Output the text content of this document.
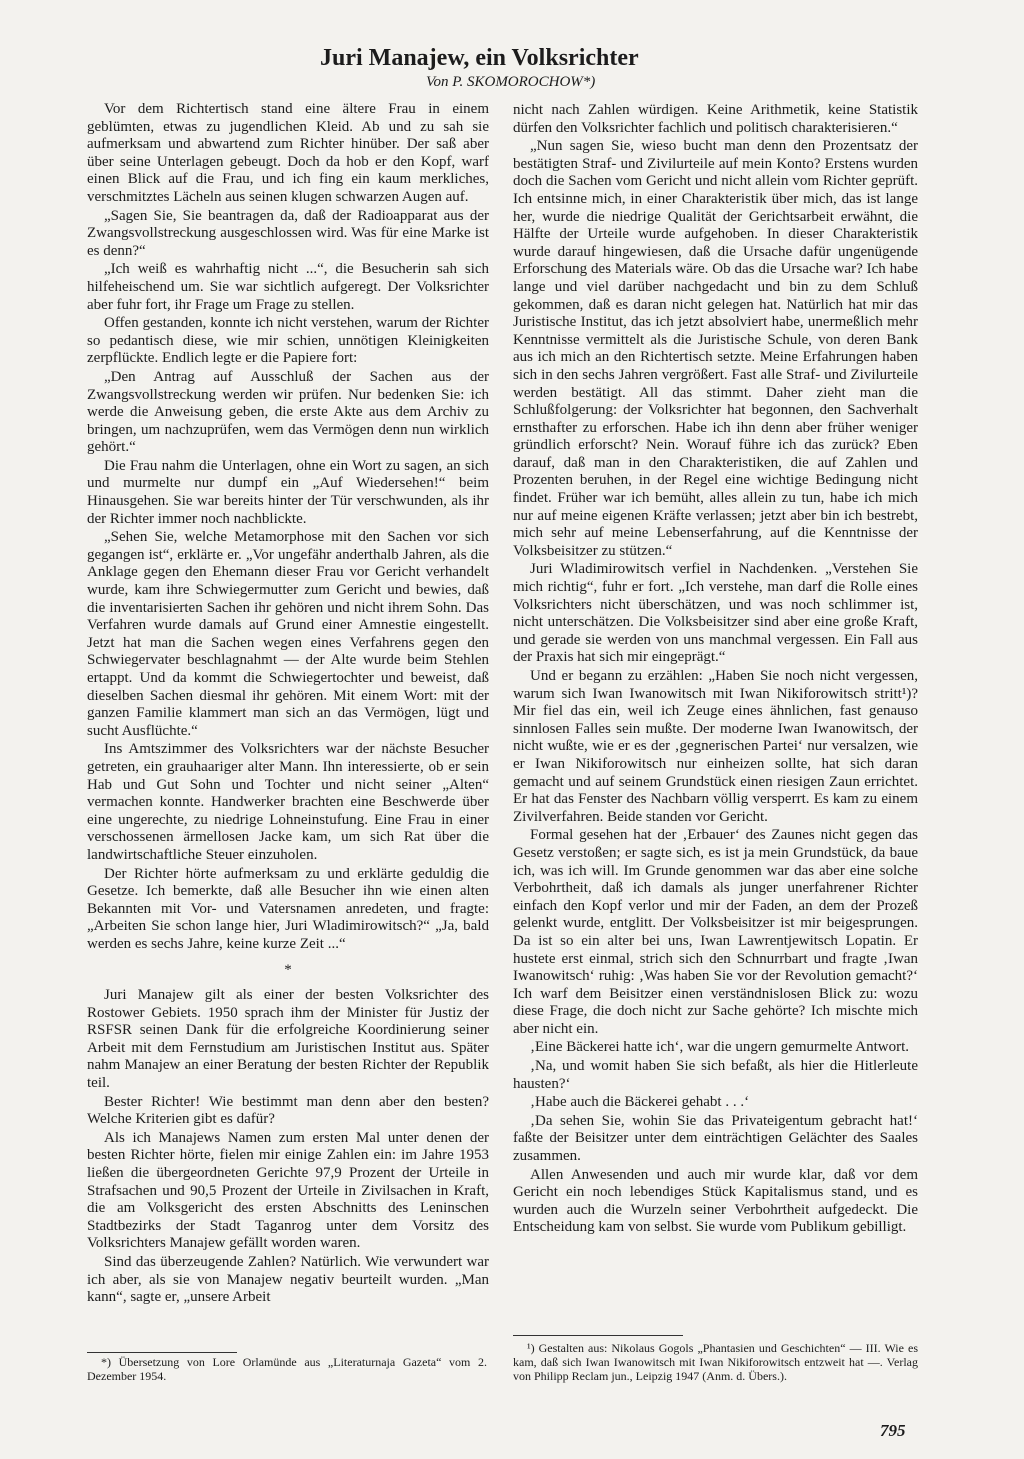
Juri Manajew, ein Volksrichter
Von P. SKOMOROCHOW*)

Vor dem Richtertisch stand eine ältere Frau in einem geblümten, etwas zu jugendlichen Kleid. Ab und zu sah sie aufmerksam und abwartend zum Richter hinüber. Der saß aber über seine Unterlagen gebeugt. Doch da hob er den Kopf, warf einen Blick auf die Frau, und ich fing ein kaum merkliches, verschmitztes Lächeln aus seinen klugen schwarzen Augen auf.

„Sagen Sie, Sie beantragen da, daß der Radioapparat aus der Zwangsvollstreckung ausgeschlossen wird. Was für eine Marke ist es denn?“

„Ich weiß es wahrhaftig nicht ...“, die Besucherin sah sich hilfeheischend um. Sie war sichtlich aufgeregt. Der Volksrichter aber fuhr fort, ihr Frage um Frage zu stellen.

Offen gestanden, konnte ich nicht verstehen, warum der Richter so pedantisch diese, wie mir schien, unnötigen Kleinigkeiten zerpflückte. Endlich legte er die Papiere fort:

„Den Antrag auf Ausschluß der Sachen aus der Zwangsvollstreckung werden wir prüfen. Nur bedenken Sie: ich werde die Anweisung geben, die erste Akte aus dem Archiv zu bringen, um nachzuprüfen, wem das Vermögen denn nun wirklich gehört.“

Die Frau nahm die Unterlagen, ohne ein Wort zu sagen, an sich und murmelte nur dumpf ein „Auf Wiedersehen!“ beim Hinausgehen. Sie war bereits hinter der Tür verschwunden, als ihr der Richter immer noch nachblickte.

„Sehen Sie, welche Metamorphose mit den Sachen vor sich gegangen ist“, erklärte er. „Vor ungefähr anderthalb Jahren, als die Anklage gegen den Ehemann dieser Frau vor Gericht verhandelt wurde, kam ihre Schwiegermutter zum Gericht und bewies, daß die inventarisierten Sachen ihr gehören und nicht ihrem Sohn. Das Verfahren wurde damals auf Grund einer Amnestie eingestellt. Jetzt hat man die Sachen wegen eines Verfahrens gegen den Schwiegervater beschlagnahmt — der Alte wurde beim Stehlen ertappt. Und da kommt die Schwiegertochter und beweist, daß dieselben Sachen diesmal ihr gehören. Mit einem Wort: mit der ganzen Familie klammert man sich an das Vermögen, lügt und sucht Ausflüchte.“

Ins Amtszimmer des Volksrichters war der nächste Besucher getreten, ein grauhaariger alter Mann. Ihn interessierte, ob er sein Hab und Gut Sohn und Tochter und nicht seiner „Alten“ vermachen konnte. Handwerker brachten eine Beschwerde über eine ungerechte, zu niedrige Lohneinstufung. Eine Frau in einer verschossenen ärmellosen Jacke kam, um sich Rat über die landwirtschaftliche Steuer einzuholen.

Der Richter hörte aufmerksam zu und erklärte geduldig die Gesetze. Ich bemerkte, daß alle Besucher ihn wie einen alten Bekannten mit Vor- und Vatersnamen anredeten, und fragte: „Arbeiten Sie schon lange hier, Juri Wladimirowitsch?“ „Ja, bald werden es sechs Jahre, keine kurze Zeit ...“

*

Juri Manajew gilt als einer der besten Volksrichter des Rostower Gebiets. 1950 sprach ihm der Minister für Justiz der RSFSR seinen Dank für die erfolgreiche Koordinierung seiner Arbeit mit dem Fernstudium am Juristischen Institut aus. Später nahm Manajew an einer Beratung der besten Richter der Republik teil.

Bester Richter! Wie bestimmt man denn aber den besten? Welche Kriterien gibt es dafür?

Als ich Manajews Namen zum ersten Mal unter denen der besten Richter hörte, fielen mir einige Zahlen ein: im Jahre 1953 ließen die übergeordneten Gerichte 97,9 Prozent der Urteile in Strafsachen und 90,5 Prozent der Urteile in Zivilsachen in Kraft, die am Volksgericht des ersten Abschnitts des Leninschen Stadtbezirks der Stadt Taganrog unter dem Vorsitz des Volksrichters Manajew gefällt worden waren.

Sind das überzeugende Zahlen? Natürlich. Wie verwundert war ich aber, als sie von Manajew negativ beurteilt wurden. „Man kann“, sagte er, „unsere Arbeit

*) Übersetzung von Lore Orlamünde aus „Literaturnaja Gazeta“ vom 2. Dezember 1954.

nicht nach Zahlen würdigen. Keine Arithmetik, keine Statistik dürfen den Volksrichter fachlich und politisch charakterisieren.“

„Nun sagen Sie, wieso bucht man denn den Prozentsatz der bestätigten Straf- und Zivilurteile auf mein Konto? Erstens wurden doch die Sachen vom Gericht und nicht allein vom Richter geprüft. Ich entsinne mich, in einer Charakteristik über mich, das ist lange her, wurde die niedrige Qualität der Gerichtsarbeit erwähnt, die Hälfte der Urteile wurde aufgehoben. In dieser Charakteristik wurde darauf hingewiesen, daß die Ursache dafür ungenügende Erforschung des Materials wäre. Ob das die Ursache war? Ich habe lange und viel darüber nachgedacht und bin zu dem Schluß gekommen, daß es daran nicht gelegen hat. Natürlich hat mir das Juristische Institut, das ich jetzt absolviert habe, unermeßlich mehr Kenntnisse vermittelt als die Juristische Schule, von deren Bank aus ich mich an den Richtertisch setzte. Meine Erfahrungen haben sich in den sechs Jahren vergrößert. Fast alle Straf- und Zivilurteile werden bestätigt. All das stimmt. Daher zieht man die Schlußfolgerung: der Volksrichter hat begonnen, den Sachverhalt ernsthafter zu erforschen. Habe ich ihn denn aber früher weniger gründlich erforscht? Nein. Worauf führe ich das zurück? Eben darauf, daß man in den Charakteristiken, die auf Zahlen und Prozenten beruhen, in der Regel eine wichtige Bedingung nicht findet. Früher war ich bemüht, alles allein zu tun, habe ich mich nur auf meine eigenen Kräfte verlassen; jetzt aber bin ich bestrebt, mich sehr auf meine Lebenserfahrung, auf die Kenntnisse der Volksbeisitzer zu stützen.“

Juri Wladimirowitsch verfiel in Nachdenken. „Verstehen Sie mich richtig“, fuhr er fort. „Ich verstehe, man darf die Rolle eines Volksrichters nicht überschätzen, und was noch schlimmer ist, nicht unterschätzen. Die Volksbeisitzer sind aber eine große Kraft, und gerade sie werden von uns manchmal vergessen. Ein Fall aus der Praxis hat sich mir eingeprägt.“

Und er begann zu erzählen: „Haben Sie noch nicht vergessen, warum sich Iwan Iwanowitsch mit Iwan Nikiforowitsch stritt¹)? Mir fiel das ein, weil ich Zeuge eines ähnlichen, fast genauso sinnlosen Falles sein mußte. Der moderne Iwan Iwanowitsch, der nicht wußte, wie er es der ‚gegnerischen Partei‘ nur versalzen, wie er Iwan Nikiforowitsch nur einheizen sollte, hat sich daran gemacht und auf seinem Grundstück einen riesigen Zaun errichtet. Er hat das Fenster des Nachbarn völlig versperrt. Es kam zu einem Zivilverfahren. Beide standen vor Gericht.

Formal gesehen hat der ‚Erbauer‘ des Zaunes nicht gegen das Gesetz verstoßen; er sagte sich, es ist ja mein Grundstück, da baue ich, was ich will. Im Grunde genommen war das aber eine solche Verbohrtheit, daß ich damals als junger unerfahrener Richter einfach den Kopf verlor und mir der Faden, an dem der Prozeß gelenkt wurde, entglitt. Der Volksbeisitzer ist mir beigesprungen. Da ist so ein alter bei uns, Iwan Lawrentjewitsch Lopatin. Er hustete erst einmal, strich sich den Schnurrbart und fragte ‚Iwan Iwanowitsch‘ ruhig: ‚Was haben Sie vor der Revolution gemacht?‘ Ich warf dem Beisitzer einen verständnislosen Blick zu: wozu diese Frage, die doch nicht zur Sache gehörte? Ich mischte mich aber nicht ein.

‚Eine Bäckerei hatte ich‘, war die ungern gemurmelte Antwort.

‚Na, und womit haben Sie sich befaßt, als hier die Hitlerleute hausten?‘

‚Habe auch die Bäckerei gehabt . . .‘

‚Da sehen Sie, wohin Sie das Privateigentum gebracht hat!‘ faßte der Beisitzer unter dem einträchtigen Gelächter des Saales zusammen.

Allen Anwesenden und auch mir wurde klar, daß vor dem Gericht ein noch lebendiges Stück Kapitalismus stand, und es wurden auch die Wurzeln seiner Verbohrtheit aufgedeckt. Die Entscheidung kam von selbst. Sie wurde vom Publikum gebilligt.

¹) Gestalten aus: Nikolaus Gogols „Phantasien und Geschichten“ — III. Wie es kam, daß sich Iwan Iwanowitsch mit Iwan Nikiforowitsch entzweit hat —. Verlag von Philipp Reclam jun., Leipzig 1947 (Anm. d. Übers.).

795
